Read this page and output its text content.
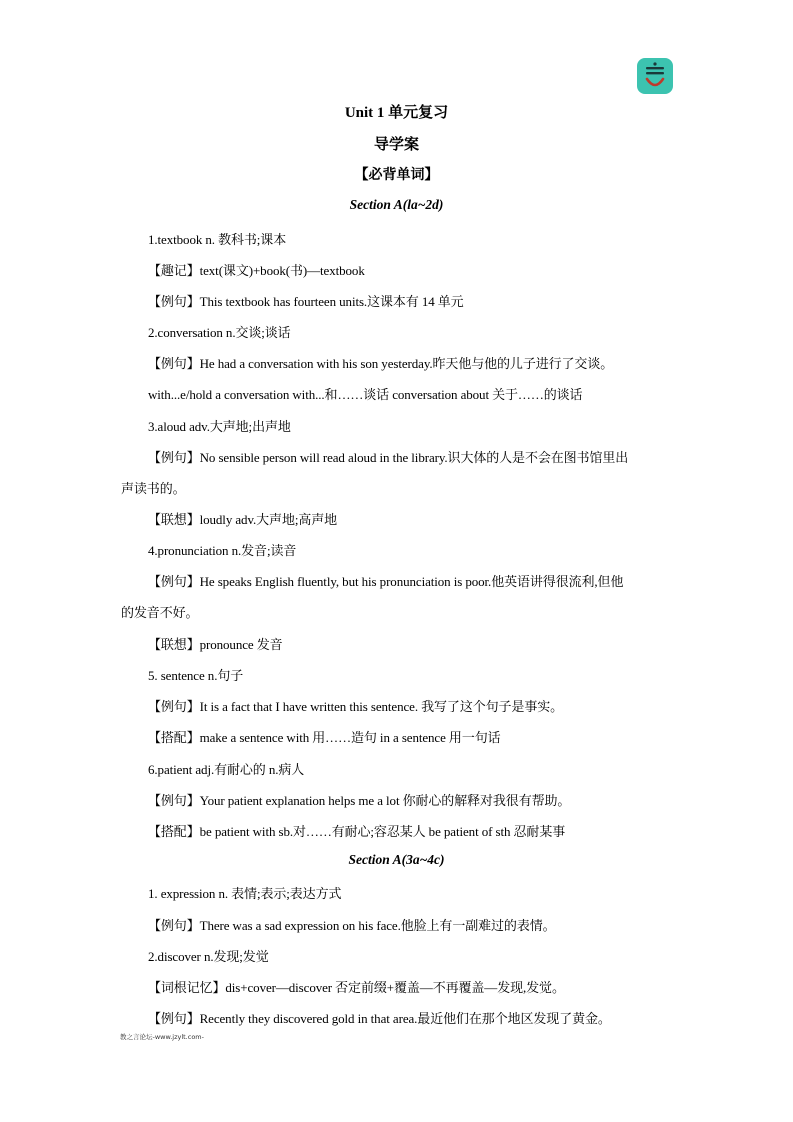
Unit 1 单元复习
导学案
【必背单词】
Section A(la~2d)
1.textbook n. 教科书;课本
【趣记】text(课文)+book(书)—textbook
【例句】This textbook has fourteen units.这课本有 14 单元
2.conversation n.交谈;谈话
【例句】He had a conversation with his son yesterday.昨天他与他的儿子进行了交谈。
with...e/hold a conversation with...和……谈话 conversation about 关于……的谈话
3.aloud adv.大声地;出声地
【例句】No sensible person will read aloud in the library.识大体的人是不会在图书馆里出
声读书的。
【联想】loudly adv.大声地;高声地
4.pronunciation n.发音;读音
【例句】He speaks English fluently, but his pronunciation is poor.他英语讲得很流利,但他
的发音不好。
【联想】pronounce 发音
5. sentence n.句子
【例句】It is a fact that I have written this sentence. 我写了这个句子是事实。
【搭配】make a sentence with 用……造句 in a sentence 用一句话
6.patient adj.有耐心的 n.病人
【例句】Your patient explanation helps me a lot 你耐心的解释对我很有帮助。
【搭配】be patient with sb.对……有耐心;容忍某人 be patient of sth 忍耐某事
Section A(3a~4c)
1. expression n. 表情;表示;表达方式
【例句】There was a sad expression on his face.他脸上有一副难过的表情。
2.discover n.发现;发觉
【词根记忆】dis+cover—discover 否定前缀+覆盖—不再覆盖—发现,发觉。
【例句】Recently they discovered gold in that area.最近他们在那个地区发现了黄金。
教之言论坛-www.jzylt.com-
